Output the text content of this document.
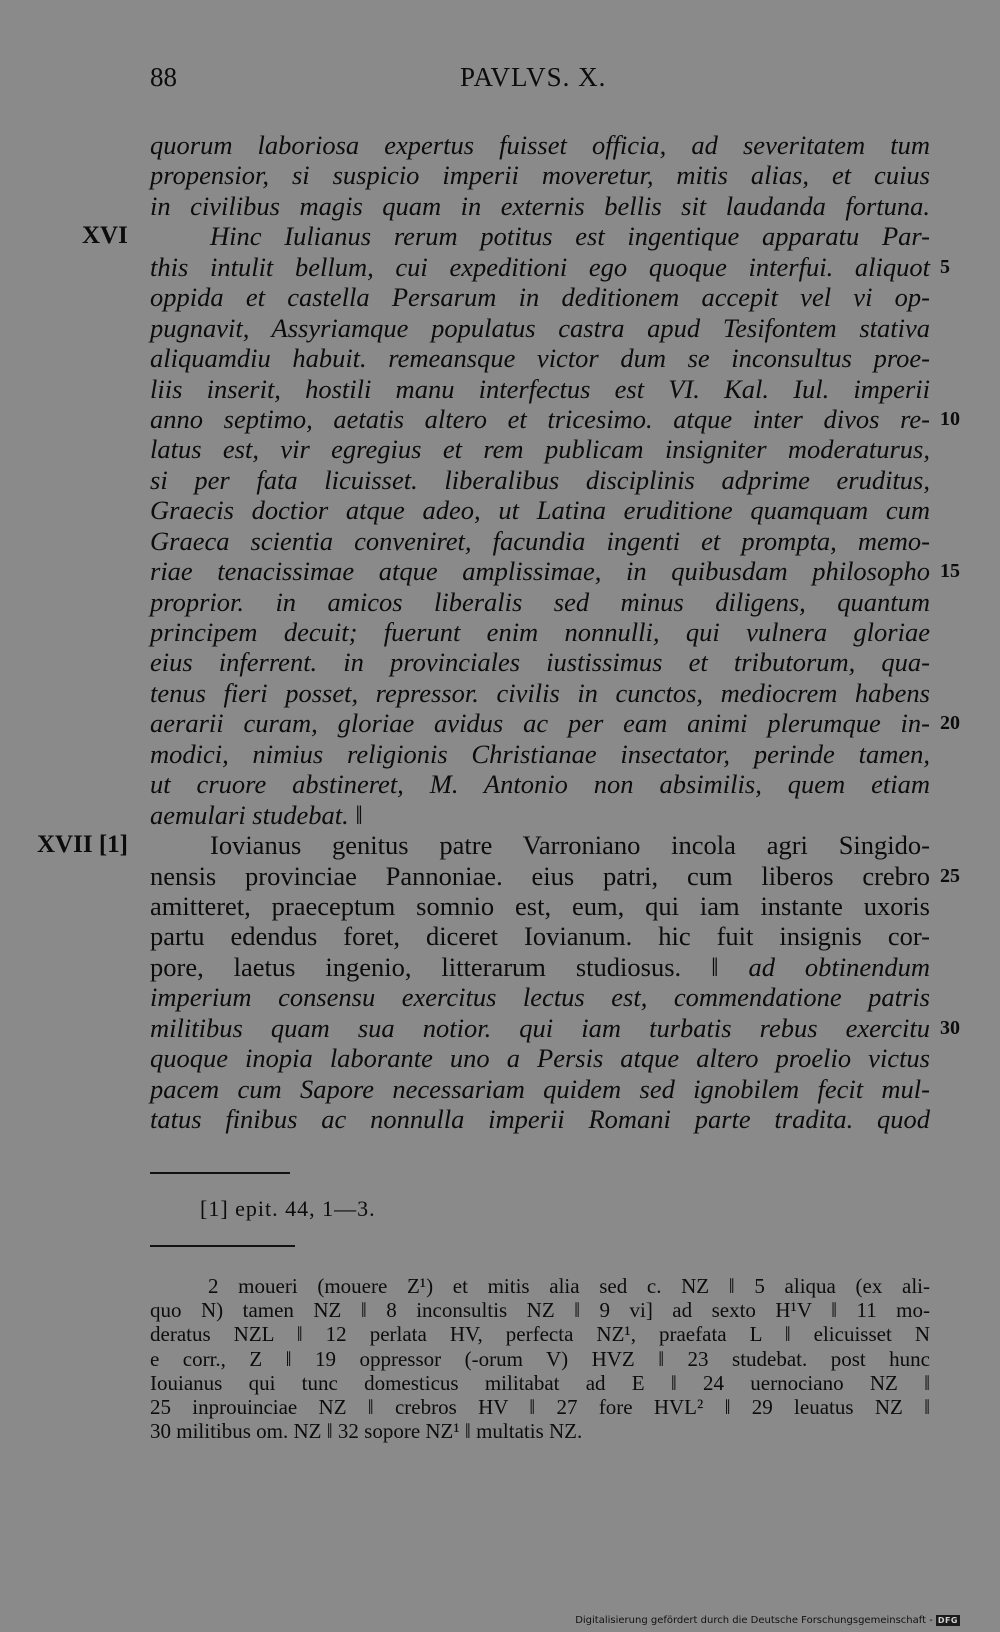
88	PAVLVS. X.
quorum laboriosa expertus fuisset officia, ad severitatem tum
propensior, si suspicio imperii moveretur, mitis alias, et cuius
in civilibus magis quam in externis bellis sit laudanda fortuna.
Hinc Iulianus rerum potitus est ingentique apparatu Par-
XVI
this intulit bellum, cui expeditioni ego quoque interfui. aliquot 5
oppida et castella Persarum in deditionem accepit vel vi op-
pugnavit, Assyriamque populatus castra apud Tesifontem stativa
aliquamdiu habuit. remeansque victor dum se inconsultus proe-
liis inserit, hostili manu interfectus est VI. Kal. Iul. imperii
anno septimo, aetatis altero et tricesimo. atque inter divos re- 10
latus est, vir egregius et rem publicam insigniter moderaturus,
si per fata licuisset. liberalibus disciplinis adprime eruditus,
Graecis doctior atque adeo, ut Latina eruditione quamquam cum
Graeca scientia conveniret, facundia ingenti et prompta, memo-
riae tenacissimae atque amplissimae, in quibusdam philosopho 15
proprior. in amicos liberalis sed minus diligens, quantum
principem decuit; fuerunt enim nonnulli, qui vulnera gloriae
eius inferrent. in provinciales iustissimus et tributorum, qua-
tenus fieri posset, repressor. civilis in cunctos, mediocrem habens
aerarii curam, gloriae avidus ac per eam animi plerumque in- 20
modici, nimius religionis Christianae insectator, perinde tamen,
ut cruore abstineret, M. Antonio non absimilis, quem etiam
aemulari studebat. ‖
Iovianus genitus patre Varroniano incola agri Singido-
XVII [1]
nensis provinciae Pannoniae. eius patri, cum liberos crebro 25
amitteret, praeceptum somnio est, eum, qui iam instante uxoris
partu edendus foret, diceret Iovianum. hic fuit insignis cor-
pore, laetus ingenio, litterarum studiosus. ‖ ad obtinendum
imperium consensu exercitus lectus est, commendatione patris
militibus quam sua notior. qui iam turbatis rebus exercitu 30
quoque inopia laborante uno a Persis atque altero proelio victus
pacem cum Sapore necessariam quidem sed ignobilem fecit mul-
tatus finibus ac nonnulla imperii Romani parte tradita. quod
[1] epit. 44, 1—3.
2 moueri (mouere Z¹) et mitis alia sed c. NZ ‖ 5 aliqua (ex ali-
quo N) tamen NZ ‖ 8 inconsultis NZ ‖ 9 vi] ad sexto H¹V ‖ 11 mo-
deratus NZL ‖ 12 perlata HV, perfecta NZ¹, praefata L ‖ elicuisset N
e corr., Z ‖ 19 oppressor (-orum V) HVZ ‖ 23 studebat. post hunc
Iouianus qui tunc domesticus militabat ad E ‖ 24 uernociano NZ ‖
25 inprouinciae NZ ‖ crebros HV ‖ 27 fore HVL² ‖ 29 leuatus NZ ‖
30 militibus om. NZ ‖ 32 sopore NZ¹ ‖ multatis NZ.
Digitalisierung gefördert durch die Deutsche Forschungsgemeinschaft - DFG
